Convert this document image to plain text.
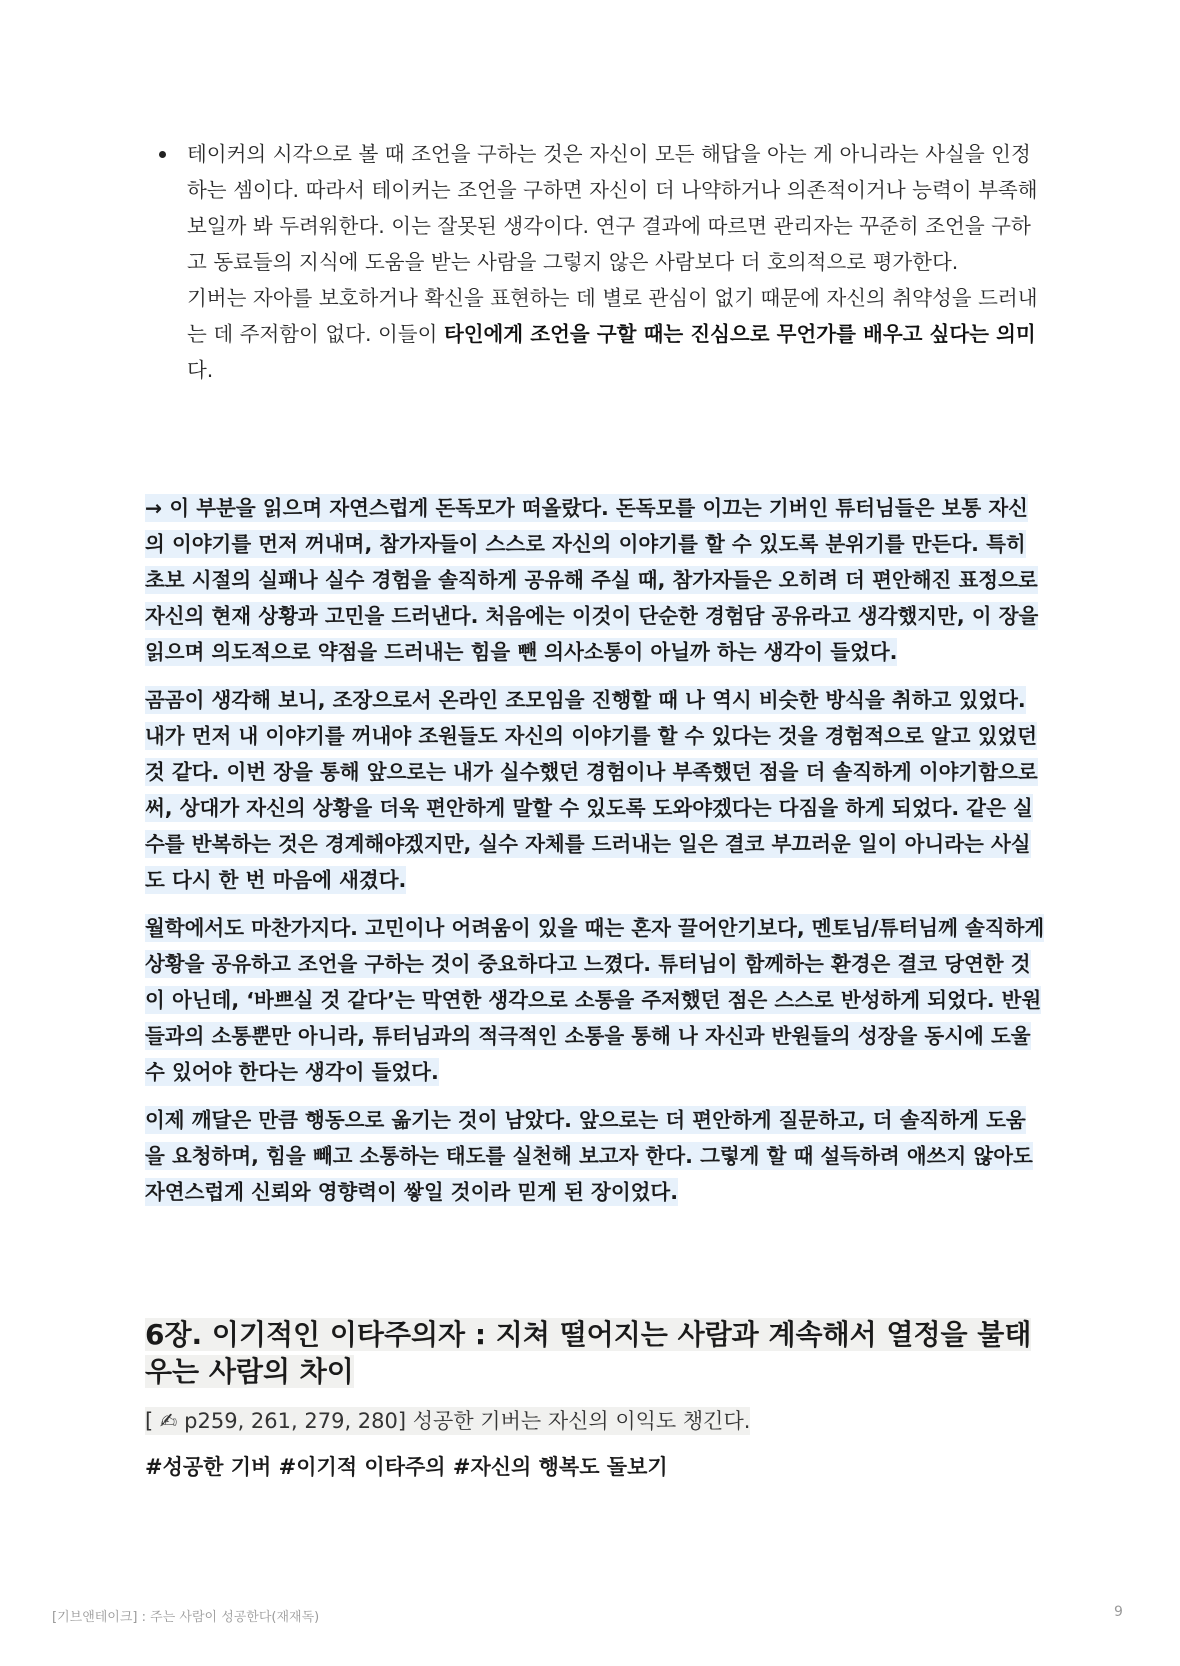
테이커의 시각으로 볼 때 조언을 구하는 것은 자신이 모든 해답을 아는 게 아니라는 사실을 인정하는 셈이다. 따라서 테이커는 조언을 구하면 자신이 더 나약하거나 의존적이거나 능력이 부족해 보일까 봐 두려워한다. 이는 잘못된 생각이다. 연구 결과에 따르면 관리자는 꾸준히 조언을 구하고 동료들의 지식에 도움을 받는 사람을 그렇지 않은 사람보다 더 호의적으로 평가한다.

기버는 자아를 보호하거나 확신을 표현하는 데 별로 관심이 없기 때문에 자신의 취약성을 드러내는 데 주저함이 없다. 이들이 타인에게 조언을 구할 때는 진심으로 무언가를 배우고 싶다는 의미다.

→ 이 부분을 읽으며 자연스럽게 돈독모가 떠올랐다. 돈독모를 이끄는 기버인 튜터님들은 보통 자신의 이야기를 먼저 꺼내며, 참가자들이 스스로 자신의 이야기를 할 수 있도록 분위기를 만든다. 특히 초보 시절의 실패나 실수 경험을 솔직하게 공유해 주실 때, 참가자들은 오히려 더 편안해진 표정으로 자신의 현재 상황과 고민을 드러낸다. 처음에는 이것이 단순한 경험담 공유라고 생각했지만, 이 장을 읽으며 의도적으로 약점을 드러내는 힘을 뺀 의사소통이 아닐까 하는 생각이 들었다.

곰곰이 생각해 보니, 조장으로서 온라인 조모임을 진행할 때 나 역시 비슷한 방식을 취하고 있었다. 내가 먼저 내 이야기를 꺼내야 조원들도 자신의 이야기를 할 수 있다는 것을 경험적으로 알고 있었던 것 같다. 이번 장을 통해 앞으로는 내가 실수했던 경험이나 부족했던 점을 더 솔직하게 이야기함으로써, 상대가 자신의 상황을 더욱 편안하게 말할 수 있도록 도와야겠다는 다짐을 하게 되었다. 같은 실수를 반복하는 것은 경계해야겠지만, 실수 자체를 드러내는 일은 결코 부끄러운 일이 아니라는 사실도 다시 한 번 마음에 새겼다.

월학에서도 마찬가지다. 고민이나 어려움이 있을 때는 혼자 끌어안기보다, 멘토님/튜터님께 솔직하게 상황을 공유하고 조언을 구하는 것이 중요하다고 느꼈다. 튜터님이 함께하는 환경은 결코 당연한 것이 아닌데, ‘바쁘실 것 같다’는 막연한 생각으로 소통을 주저했던 점은 스스로 반성하게 되었다. 반원들과의 소통뿐만 아니라, 튜터님과의 적극적인 소통을 통해 나 자신과 반원들의 성장을 동시에 도울 수 있어야 한다는 생각이 들었다.

이제 깨달은 만큼 행동으로 옮기는 것이 남았다. 앞으로는 더 편안하게 질문하고, 더 솔직하게 도움을 요청하며, 힘을 빼고 소통하는 태도를 실천해 보고자 한다. 그렇게 할 때 설득하려 애쓰지 않아도 자연스럽게 신뢰와 영향력이 쌓일 것이라 믿게 된 장이었다.

6장. 이기적인 이타주의자 : 지쳐 떨어지는 사람과 계속해서 열정을 불태우는 사람의 차이

[ ✍ p259, 261, 279, 280] 성공한 기버는 자신의 이익도 챙긴다.

#성공한 기버 #이기적 이타주의 #자신의 행복도 돌보기

[기브앤테이크] : 주는 사람이 성공한다(재재독)	9
